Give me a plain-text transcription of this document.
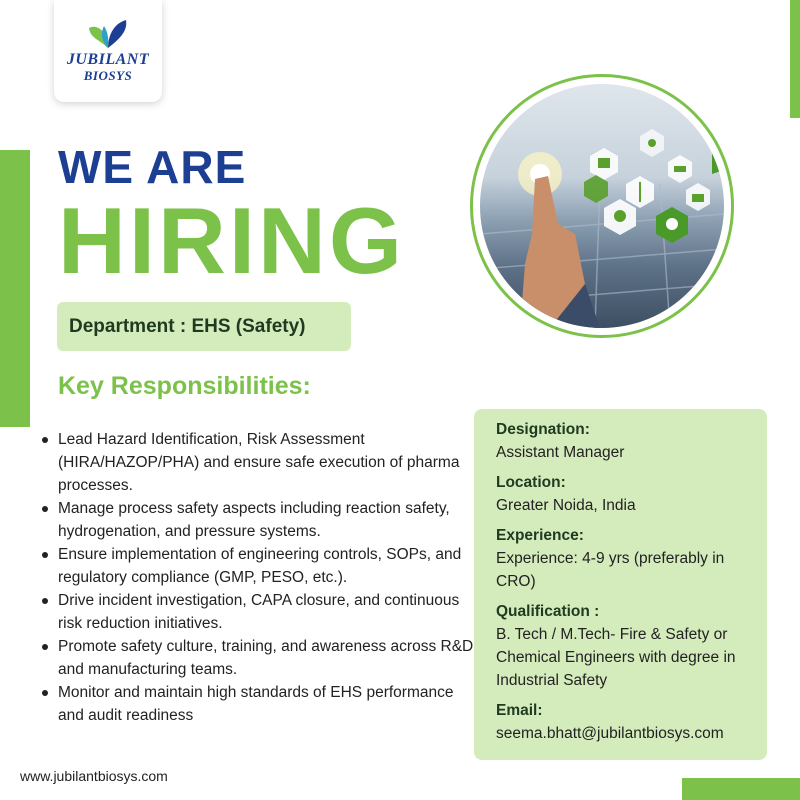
JUBILANT
BIOSYS
WE ARE
HIRING
Department : EHS (Safety)
Key Responsibilities:
Lead Hazard Identification, Risk Assessment (HIRA/HAZOP/PHA) and ensure safe execution of pharma processes.
Manage process safety aspects including reaction safety, hydrogenation, and pressure systems.
Ensure implementation of engineering controls, SOPs, and regulatory compliance (GMP, PESO, etc.).
Drive incident investigation, CAPA closure, and continuous risk reduction initiatives.
Promote safety culture, training, and awareness across R&D and manufacturing teams.
Monitor and maintain high standards of EHS performance and audit readiness
Designation:
Assistant Manager
Location:
Greater Noida, India
Experience:
Experience: 4-9 yrs (preferably in CRO)
Qualification :
B. Tech / M.Tech- Fire & Safety or Chemical Engineers with degree in Industrial Safety
Email:
seema.bhatt@jubilantbiosys.com
www.jubilantbiosys.com
